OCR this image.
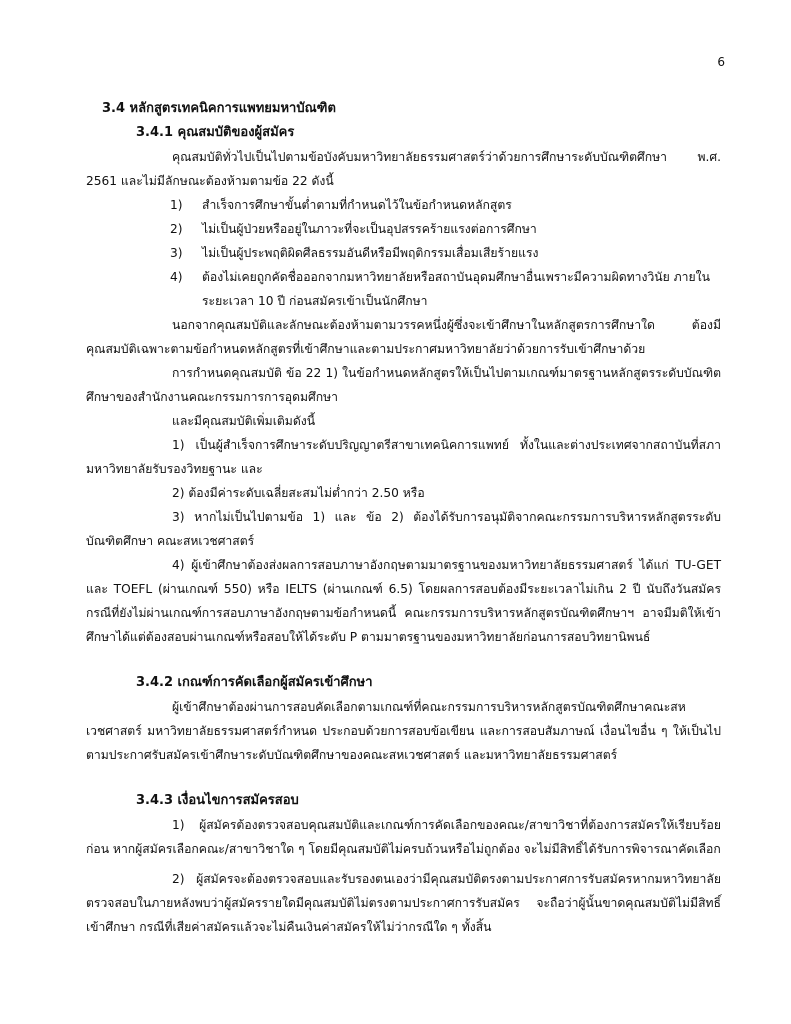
6

3.4 หลักสูตรเทคนิคการแพทยมหาบัณฑิต

3.4.1 คุณสมบัติของผู้สมัคร

คุณสมบัติทั่วไปเป็นไปตามข้อบังคับมหาวิทยาลัยธรรมศาสตร์ว่าด้วยการศึกษาระดับบัณฑิตศึกษา พ.ศ. 2561 และไม่มีลักษณะต้องห้ามตามข้อ 22 ดังนี้

1) สำเร็จการศึกษาขั้นต่ำตามที่กำหนดไว้ในข้อกำหนดหลักสูตร

2) ไม่เป็นผู้ป่วยหรืออยู่ในภาวะที่จะเป็นอุปสรรคร้ายแรงต่อการศึกษา

3) ไม่เป็นผู้ประพฤติผิดศีลธรรมอันดีหรือมีพฤติกรรมเสื่อมเสียร้ายแรง

4) ต้องไม่เคยถูกคัดชื่อออกจากมหาวิทยาลัยหรือสถาบันอุดมศึกษาอื่นเพราะมีความผิดทางวินัย ภายในระยะเวลา 10 ปี ก่อนสมัครเข้าเป็นนักศึกษา

นอกจากคุณสมบัติและลักษณะต้องห้ามตามวรรคหนึ่งผู้ซึ่งจะเข้าศึกษาในหลักสูตรการศึกษาใด ต้องมีคุณสมบัติเฉพาะตามข้อกำหนดหลักสูตรที่เข้าศึกษาและตามประกาศมหาวิทยาลัยว่าด้วยการรับเข้าศึกษาด้วย

การกำหนดคุณสมบัติ ข้อ 22 1) ในข้อกำหนดหลักสูตรให้เป็นไปตามเกณฑ์มาตรฐานหลักสูตรระดับบัณฑิตศึกษาของสำนักงานคณะกรรมการการอุดมศึกษา

และมีคุณสมบัติเพิ่มเติมดังนี้

1) เป็นผู้สำเร็จการศึกษาระดับปริญญาตรีสาขาเทคนิคการแพทย์ ทั้งในและต่างประเทศจากสถาบันที่สภามหาวิทยาลัยรับรองวิทยฐานะ และ

2) ต้องมีค่าระดับเฉลี่ยสะสมไม่ต่ำกว่า 2.50 หรือ

3) หากไม่เป็นไปตามข้อ 1) และ ข้อ 2) ต้องได้รับการอนุมัติจากคณะกรรมการบริหารหลักสูตรระดับบัณฑิตศึกษา คณะสหเวชศาสตร์

4) ผู้เข้าศึกษาต้องส่งผลการสอบภาษาอังกฤษตามมาตรฐานของมหาวิทยาลัยธรรมศาสตร์ ได้แก่ TU-GET และ TOEFL (ผ่านเกณฑ์ 550) หรือ IELTS (ผ่านเกณฑ์ 6.5) โดยผลการสอบต้องมีระยะเวลาไม่เกิน 2 ปี นับถึงวันสมัคร กรณีที่ยังไม่ผ่านเกณฑ์การสอบภาษาอังกฤษตามข้อกำหนดนี้ คณะกรรมการบริหารหลักสูตรบัณฑิตศึกษาฯ อาจมีมติให้เข้าศึกษาได้แต่ต้องสอบผ่านเกณฑ์หรือสอบให้ได้ระดับ P ตามมาตรฐานของมหาวิทยาลัยก่อนการสอบวิทยานิพนธ์

3.4.2 เกณฑ์การคัดเลือกผู้สมัครเข้าศึกษา

ผู้เข้าศึกษาต้องผ่านการสอบคัดเลือกตามเกณฑ์ที่คณะกรรมการบริหารหลักสูตรบัณฑิตศึกษาคณะสหเวชศาสตร์ มหาวิทยาลัยธรรมศาสตร์กำหนด ประกอบด้วยการสอบข้อเขียน และการสอบสัมภาษณ์ เงื่อนไขอื่น ๆ ให้เป็นไปตามประกาศรับสมัครเข้าศึกษาระดับบัณฑิตศึกษาของคณะสหเวชศาสตร์ และมหาวิทยาลัยธรรมศาสตร์

3.4.3 เงื่อนไขการสมัครสอบ

1) ผู้สมัครต้องตรวจสอบคุณสมบัติและเกณฑ์การคัดเลือกของคณะ/สาขาวิชาที่ต้องการสมัครให้เรียบร้อยก่อน หากผู้สมัครเลือกคณะ/สาขาวิชาใด ๆ โดยมีคุณสมบัติไม่ครบถ้วนหรือไม่ถูกต้อง จะไม่มีสิทธิ์ได้รับการพิจารณาคัดเลือก

2) ผู้สมัครจะต้องตรวจสอบและรับรองตนเองว่ามีคุณสมบัติตรงตามประกาศการรับสมัครหากมหาวิทยาลัยตรวจสอบในภายหลังพบว่าผู้สมัครรายใดมีคุณสมบัติไม่ตรงตามประกาศการรับสมัคร จะถือว่าผู้นั้นขาดคุณสมบัติไม่มีสิทธิ์เข้าศึกษา กรณีที่เสียค่าสมัครแล้วจะไม่คืนเงินค่าสมัครให้ไม่ว่ากรณีใด ๆ ทั้งสิ้น
